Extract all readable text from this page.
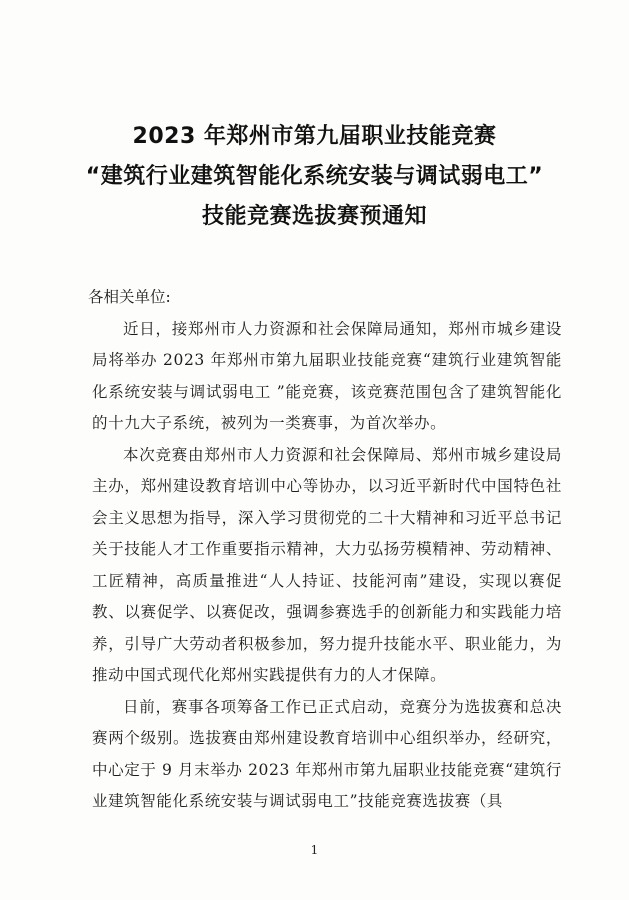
2023 年郑州市第九届职业技能竞赛
“建筑行业建筑智能化系统安装与调试弱电工”
技能竞赛选拔赛预通知

各相关单位:

近日，接郑州市人力资源和社会保障局通知，郑州市城乡建设局将举办 2023 年郑州市第九届职业技能竞赛“建筑行业建筑智能化系统安装与调试弱电工 ”能竞赛，该竞赛范围包含了建筑智能化的十九大子系统，被列为一类赛事，为首次举办。

本次竞赛由郑州市人力资源和社会保障局、郑州市城乡建设局主办，郑州建设教育培训中心等协办，以习近平新时代中国特色社会主义思想为指导，深入学习贯彻党的二十大精神和习近平总书记关于技能人才工作重要指示精神，大力弘扬劳模精神、劳动精神、工匠精神，高质量推进“人人持证、技能河南”建设，实现以赛促教、以赛促学、以赛促改，强调参赛选手的创新能力和实践能力培养，引导广大劳动者积极参加，努力提升技能水平、职业能力，为推动中国式现代化郑州实践提供有力的人才保障。

日前，赛事各项筹备工作已正式启动，竞赛分为选拔赛和总决赛两个级别。选拔赛由郑州建设教育培训中心组织举办，经研究，中心定于 9 月末举办 2023 年郑州市第九届职业技能竞赛“建筑行业建筑智能化系统安装与调试弱电工”技能竞赛选拔赛（具

1
